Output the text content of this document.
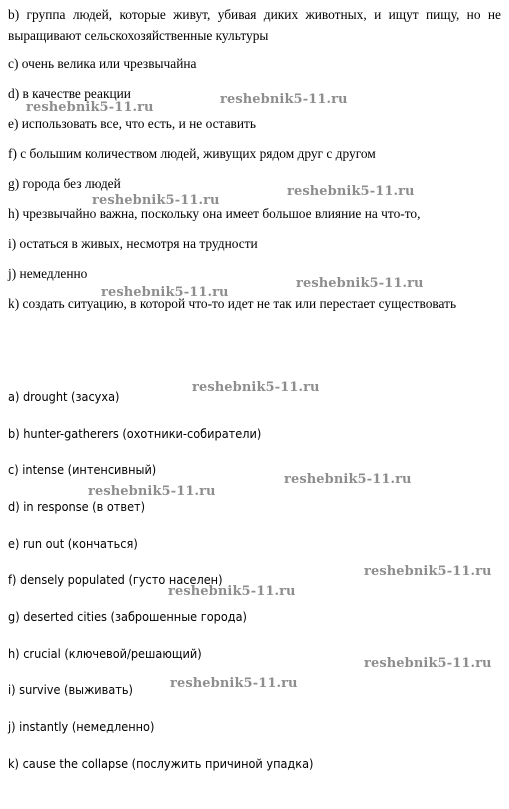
b) группа людей, которые живут, убивая диких животных, и ищут пищу, но не выращивают сельскохозяйственные культуры
c) очень велика или чрезвычайна
d) в качестве реакции
e) использовать все, что есть, и не оставить
f) с большим количеством людей, живущих рядом друг с другом
g) города без людей
h) чрезвычайно важна, поскольку она имеет большое влияние на что-то,
i) остаться в живых, несмотря на трудности
j) немедленно
k) создать ситуацию, в которой что-то идет не так или перестает существовать
a) drought (засуха)
b) hunter-gatherers (охотники-собиратели)
c) intense (интенсивный)
d) in response (в ответ)
e) run out (кончаться)
f) densely populated (густо населен)
g) deserted cities (заброшенные города)
h) crucial (ключевой/решающий)
i) survive (выживать)
j) instantly (немедленно)
k) cause the collapse (послужить причиной упадка)
reshebnik5-11.ru
reshebnik5-11.ru
reshebnik5-11.ru
reshebnik5-11.ru
reshebnik5-11.ru
reshebnik5-11.ru
reshebnik5-11.ru
reshebnik5-11.ru
reshebnik5-11.ru
reshebnik5-11.ru
reshebnik5-11.ru
reshebnik5-11.ru
reshebnik5-11.ru
